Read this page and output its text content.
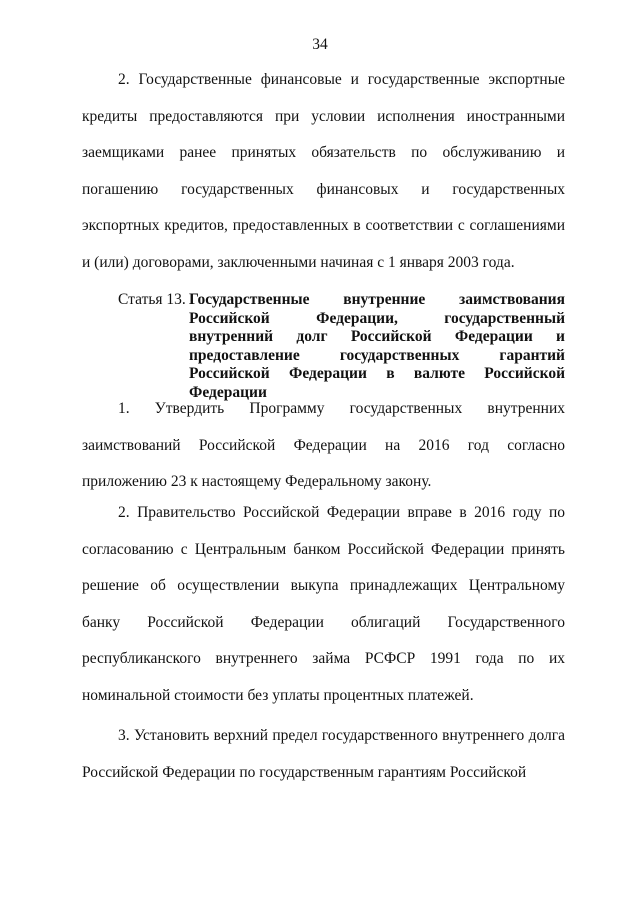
34

2. Государственные финансовые и государственные экспортные кредиты предоставляются при условии исполнения иностранными заемщиками ранее принятых обязательств по обслуживанию и погашению государственных финансовых и государственных экспортных кредитов, предоставленных в соответствии с соглашениями и (или) договорами, заключенными начиная с 1 января 2003 года.

Статья 13. Государственные внутренние заимствования Российской Федерации, государственный внутренний долг Российской Федерации и предоставление государственных гарантий Российской Федерации в валюте Российской Федерации

1. Утвердить Программу государственных внутренних заимствований Российской Федерации на 2016 год согласно приложению 23 к настоящему Федеральному закону.

2. Правительство Российской Федерации вправе в 2016 году по согласованию с Центральным банком Российской Федерации принять решение об осуществлении выкупа принадлежащих Центральному банку Российской Федерации облигаций Государственного республиканского внутреннего займа РСФСР 1991 года по их номинальной стоимости без уплаты процентных платежей.

3. Установить верхний предел государственного внутреннего долга Российской Федерации по государственным гарантиям Российской
